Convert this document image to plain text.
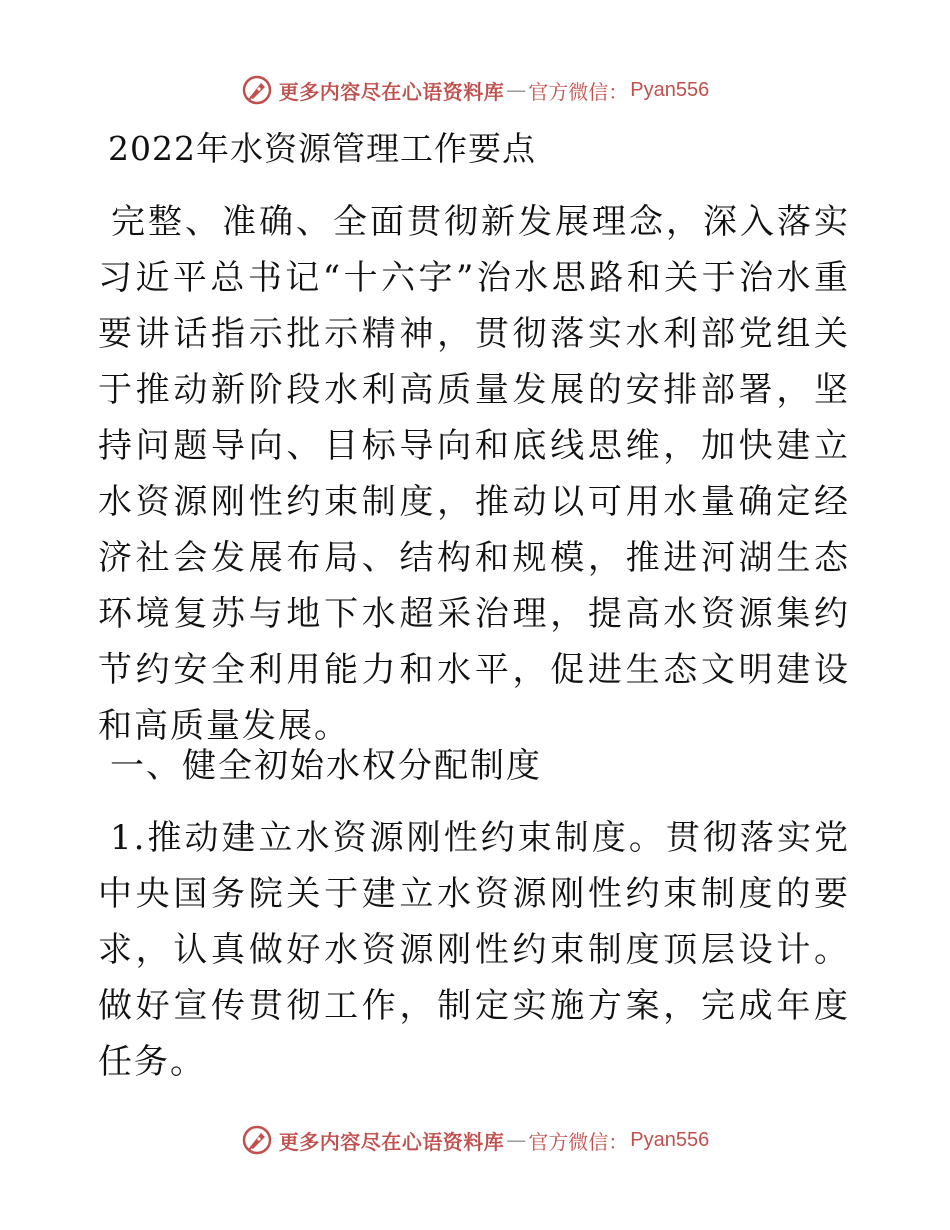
更多内容尽在心语资料库 — 官方微信： Pyan556
2022年水资源管理工作要点

完整、准确、全面贯彻新发展理念，深入落实习近平总书记“十六字”治水思路和关于治水重要讲话指示批示精神，贯彻落实水利部党组关于推动新阶段水利高质量发展的安排部署，坚持问题导向、目标导向和底线思维，加快建立水资源刚性约束制度，推动以可用水量确定经济社会发展布局、结构和规模，推进河湖生态环境复苏与地下水超采治理，提高水资源集约节约安全利用能力和水平，促进生态文明建设和高质量发展。

一、健全初始水权分配制度

1.推动建立水资源刚性约束制度。贯彻落实党中央国务院关于建立水资源刚性约束制度的要求，认真做好水资源刚性约束制度顶层设计。做好宣传贯彻工作，制定实施方案，完成年度任务。

更多内容尽在心语资料库 — 官方微信： Pyan556
